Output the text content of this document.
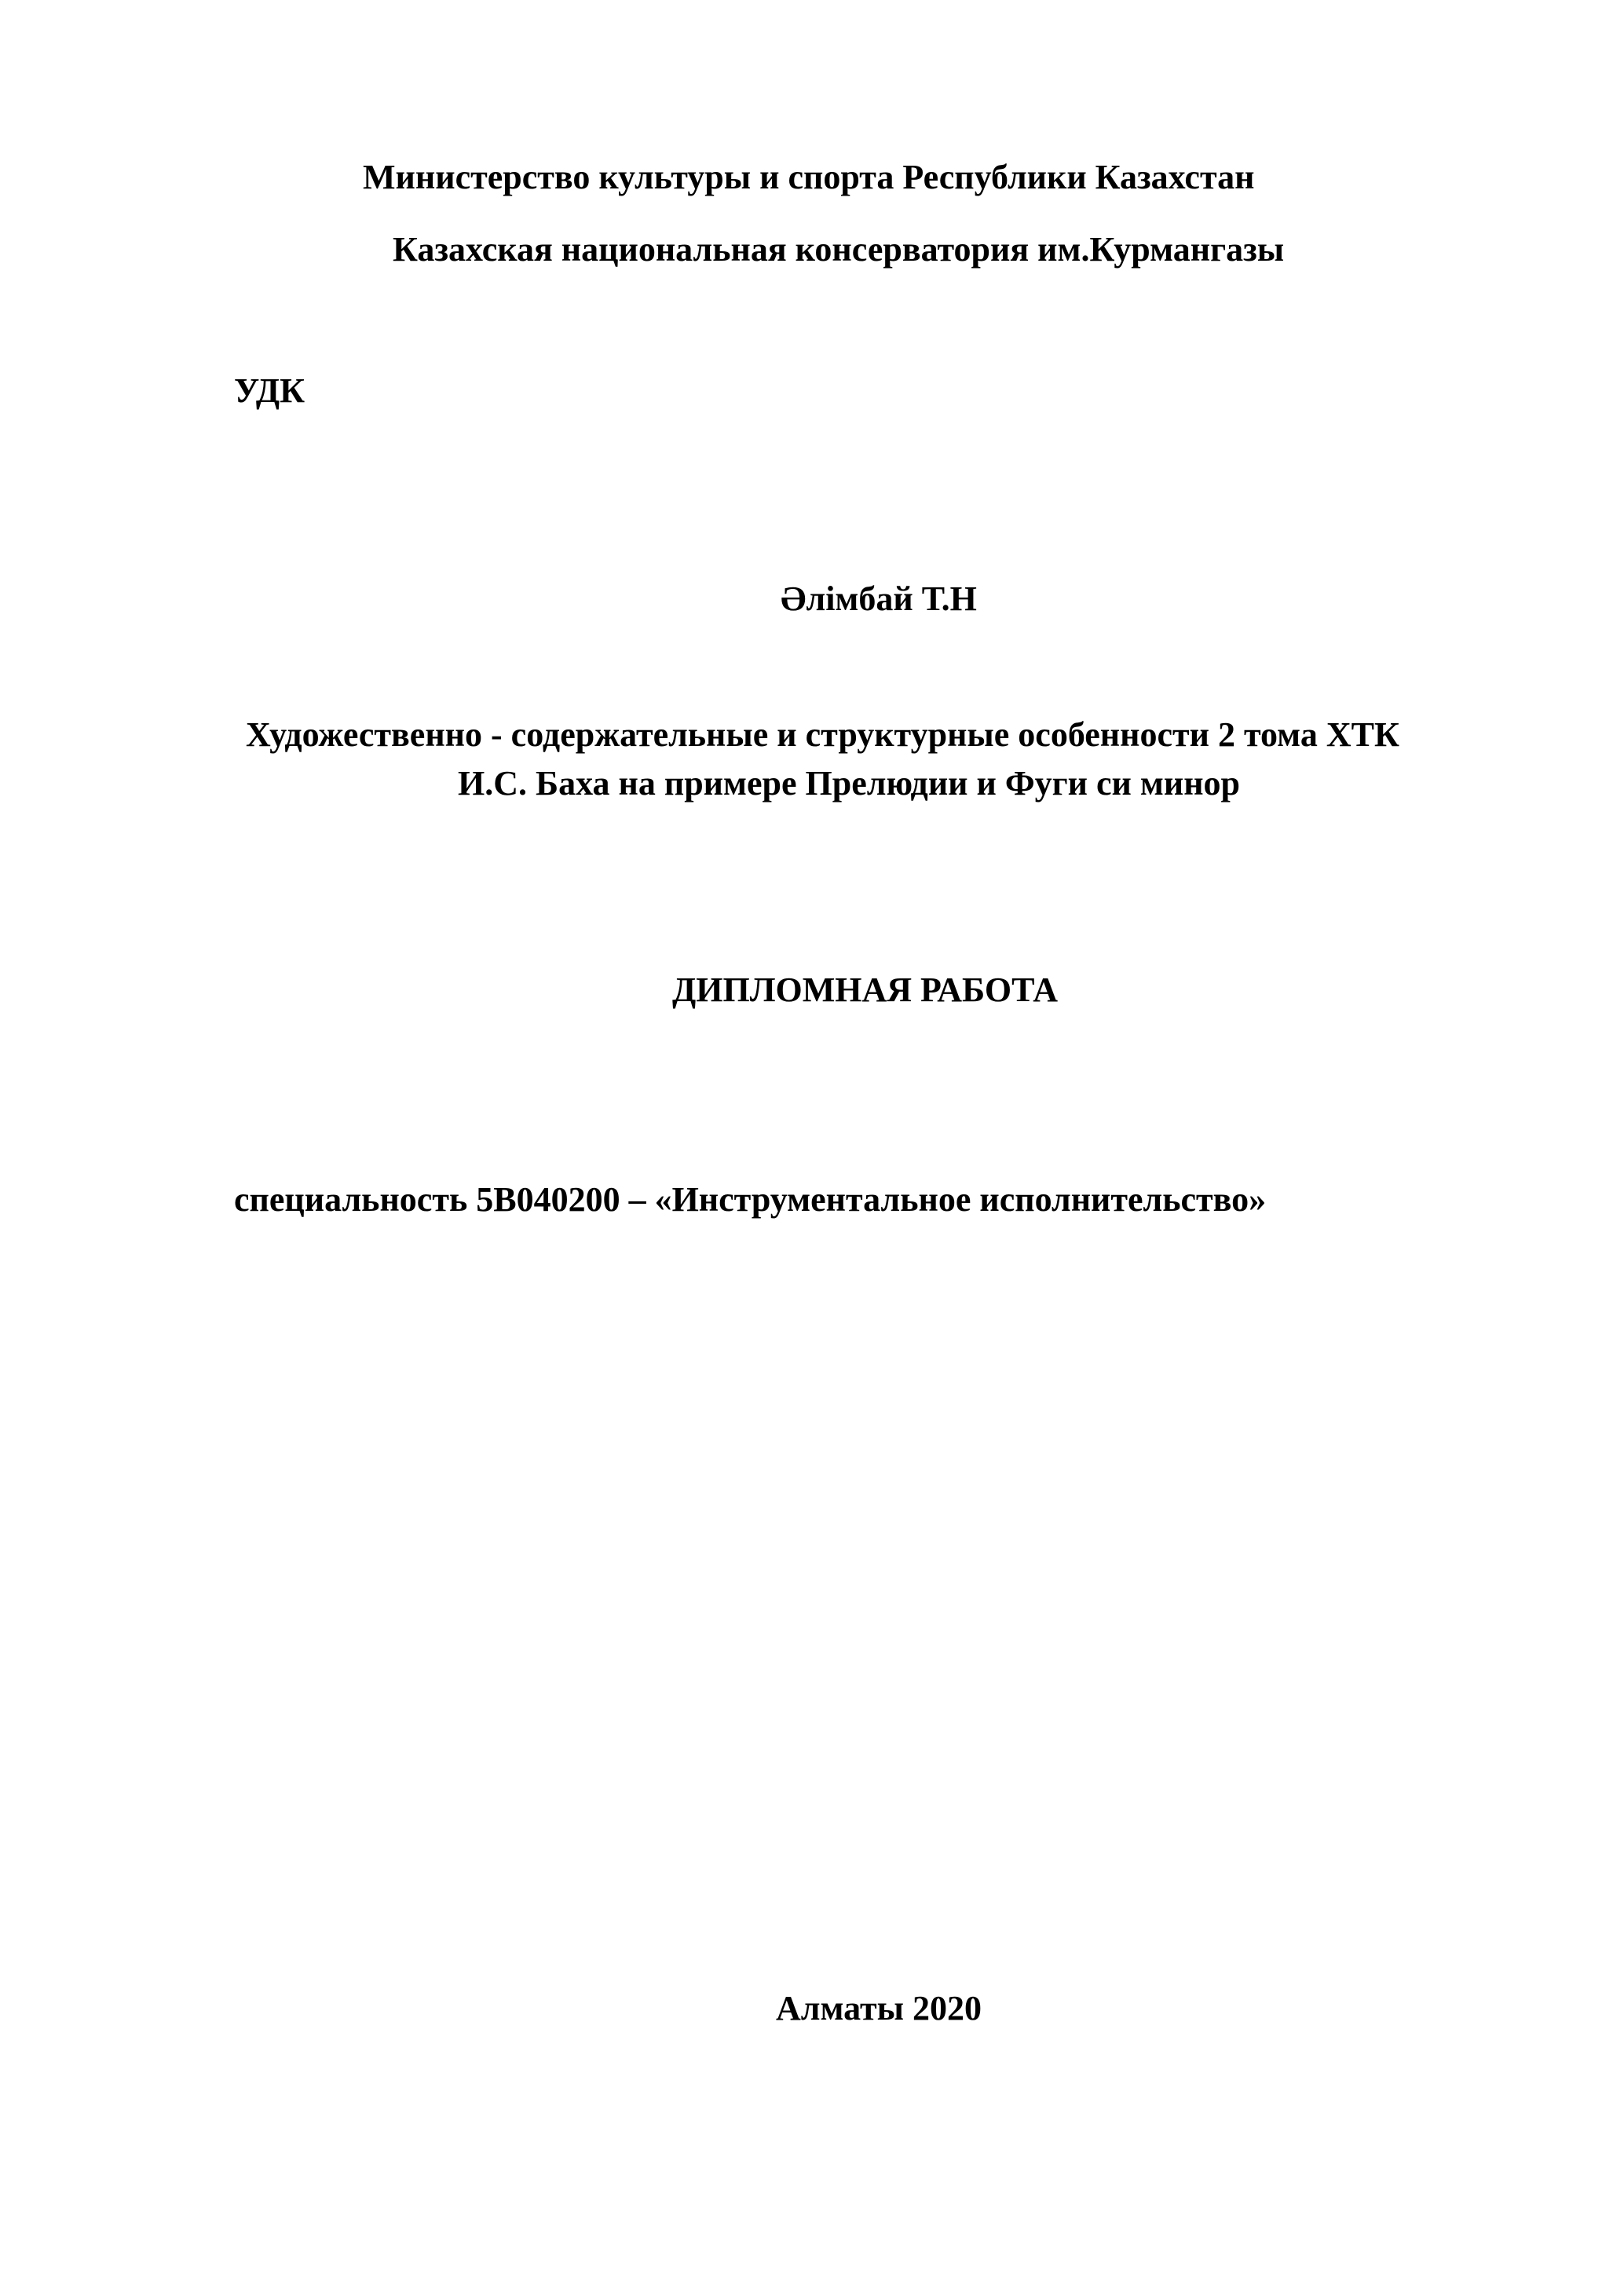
Министерство культуры и спорта Республики Казахстан

Казахская национальная консерватория им.Курмангазы

УДК

Әлімбай Т.Н

Художественно - содержательные и структурные особенности 2 тома ХТК

И.С. Баха на примере Прелюдии и Фуги си минор

ДИПЛОМНАЯ РАБОТА

специальность 5В040200 – «Инструментальное исполнительство»

Алматы 2020
